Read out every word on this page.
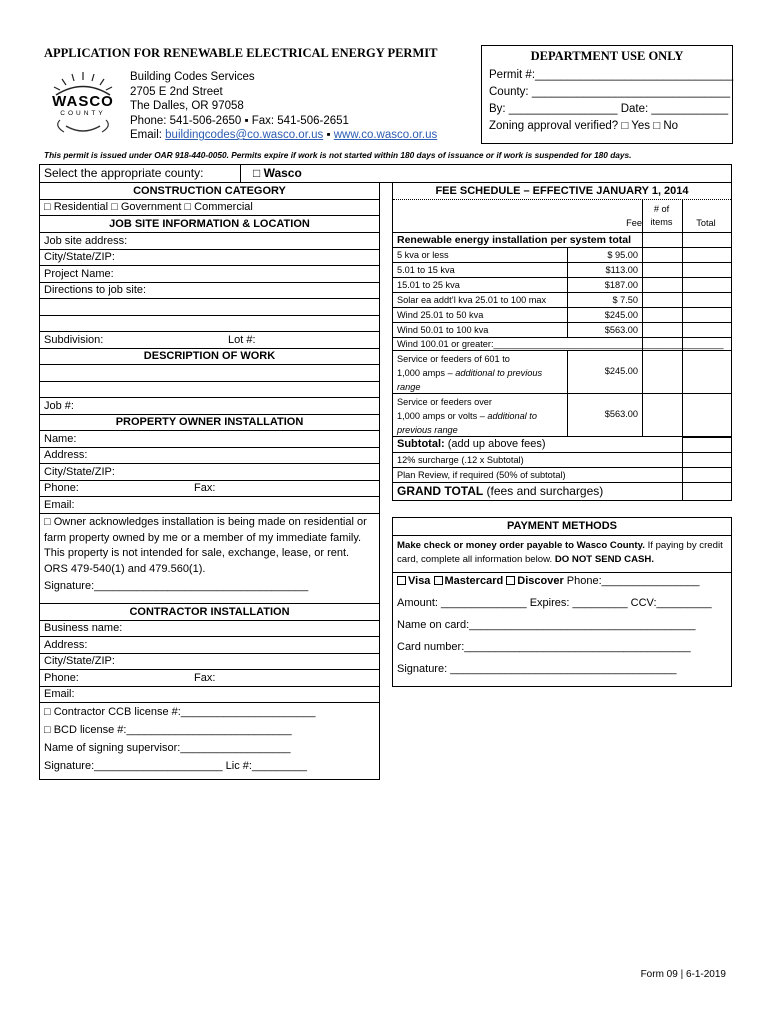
APPLICATION FOR RENEWABLE ELECTRICAL ENERGY PERMIT
WASCO
COUNTY
Building Codes Services
2705 E 2nd Street
The Dalles, OR 97058
Phone: 541-506-2650 ▪ Fax: 541-506-2651
Email: buildingcodes@co.wasco.or.us ▪ www.co.wasco.or.us
DEPARTMENT USE ONLY
Permit #:_______________________________
County: _______________________________
By: _________________ Date: ____________
Zoning approval verified? □ Yes □ No
This permit is issued under OAR 918-440-0050. Permits expire if work is not started within 180 days of issuance or if work is suspended for 180 days.
Select the appropriate county:	□ Wasco
CONSTRUCTION CATEGORY
□ Residential □ Government □ Commercial
JOB SITE INFORMATION & LOCATION
Job site address:
City/State/ZIP:
Project Name:
Directions to job site:
Subdivision:	Lot #:
DESCRIPTION OF WORK
Job #:
PROPERTY OWNER INSTALLATION
Name:
Address:
City/State/ZIP:
Phone:	Fax:
Email:
□ Owner acknowledges installation is being made on residential or farm property owned by me or a member of my immediate family. This property is not intended for sale, exchange, lease, or rent. ORS 479-540(1) and 479.560(1).
Signature:___________________________________
CONTRACTOR INSTALLATION
Business name:
Address:
City/State/ZIP:
Phone:	Fax:
Email:
□ Contractor CCB license #:______________________
□ BCD license #:___________________________
Name of signing supervisor:__________________
Signature:_____________________ Lic #:_________
FEE SCHEDULE – EFFECTIVE JANUARY 1, 2014
Fee
# of items	Total
Renewable energy installation per system total
5 kva or less	$ 95.00
5.01 to 15 kva	$113.00
15.01 to 25 kva	$187.00
Solar ea addt’l kva 25.01 to 100 max	$ 7.50
Wind 25.01 to 50 kva	$245.00
Wind 50.01 to 100 kva	$563.00
Wind 100.01 or greater:_____________________________________________
Service or feeders of 601 to
1,000 amps – additional to previous range
$245.00
Service or feeders over
1,000 amps or volts – additional to previous range
$563.00
Subtotal: (add up above fees)
12% surcharge (.12 x Subtotal)
Plan Review, if required (50% of subtotal)
GRAND TOTAL (fees and surcharges)
PAYMENT METHODS
Make check or money order payable to Wasco County. If paying by credit card, complete all information below. DO NOT SEND CASH.
Visa Mastercard Discover Phone:________________
Amount: ______________ Expires: _________ CCV:_________
Name on card:_____________________________________
Card number:_____________________________________
Signature: _____________________________________
Form 09 | 6-1-2019
